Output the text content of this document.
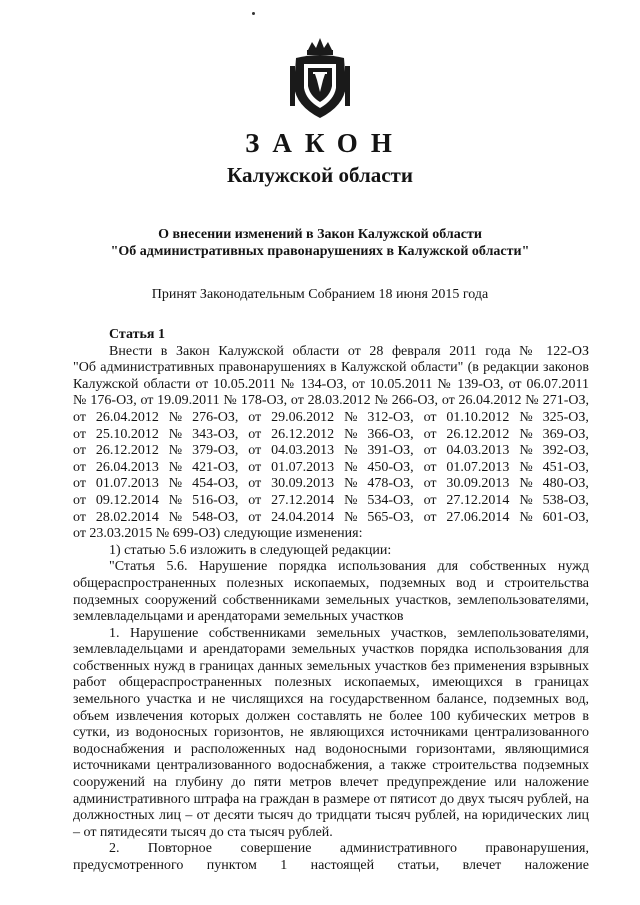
ЗАКОН
Калужской области
О внесении изменений в Закон Калужской области
"Об административных правонарушениях в Калужской области"
Принят Законодательным Собранием 18 июня 2015 года
Статья 1

Внести в Закон Калужской области от 28 февраля 2011 года № 122-ОЗ

"Об административных правонарушениях в Калужской области" (в редакции законов

Калужской области от 10.05.2011 № 134-ОЗ, от 10.05.2011 № 139-ОЗ, от 06.07.2011

№ 176-ОЗ, от 19.09.2011 № 178-ОЗ, от 28.03.2012 № 266-ОЗ, от 26.04.2012 № 271-ОЗ,

от 26.04.2012 № 276-ОЗ, от 29.06.2012 № 312-ОЗ, от 01.10.2012 № 325-ОЗ,
от 25.10.2012 № 343-ОЗ, от 26.12.2012 № 366-ОЗ, от 26.12.2012 № 369-ОЗ,
от 26.12.2012 № 379-ОЗ, от 04.03.2013 № 391-ОЗ, от 04.03.2013 № 392-ОЗ,
от 26.04.2013 № 421-ОЗ, от 01.07.2013 № 450-ОЗ, от 01.07.2013 № 451-ОЗ,
от 01.07.2013 № 454-ОЗ, от 30.09.2013 № 478-ОЗ, от 30.09.2013 № 480-ОЗ,
от 09.12.2014 № 516-ОЗ, от 27.12.2014 № 534-ОЗ, от 27.12.2014 № 538-ОЗ,
от 28.02.2014 № 548-ОЗ, от 24.04.2014 № 565-ОЗ, от 27.06.2014 № 601-ОЗ,

от 23.03.2015 № 699-ОЗ) следующие изменения:

1) статью 5.6 изложить в следующей редакции:

"Статья 5.6. Нарушение порядка использования для собственных нужд общераспространенных полезных ископаемых, подземных вод и строительства подземных сооружений собственниками земельных участков, землепользователями, землевладельцами и арендаторами земельных участков

1. Нарушение собственниками земельных участков, землепользователями, землевладельцами и арендаторами земельных участков порядка использования для собственных нужд в границах данных земельных участков без применения взрывных работ общераспространенных полезных ископаемых, имеющихся в границах земельного участка и не числящихся на государственном балансе, подземных вод, объем извлечения которых должен составлять не более 100 кубических метров в сутки, из водоносных горизонтов, не являющихся источниками централизованного водоснабжения и расположенных над водоносными горизонтами, являющимися источниками централизованного водоснабжения, а также строительства подземных сооружений на глубину до пяти метров влечет предупреждение или наложение административного штрафа на граждан в размере от пятисот до двух тысяч рублей, на должностных лиц – от десяти тысяч до тридцати тысяч рублей, на юридических лиц – от пятидесяти тысяч до ста тысяч рублей.

2.      Повторное      совершение      административного      правонарушения,

предусмотренного      пунктом      1      настоящей      статьи,      влечет      наложение
